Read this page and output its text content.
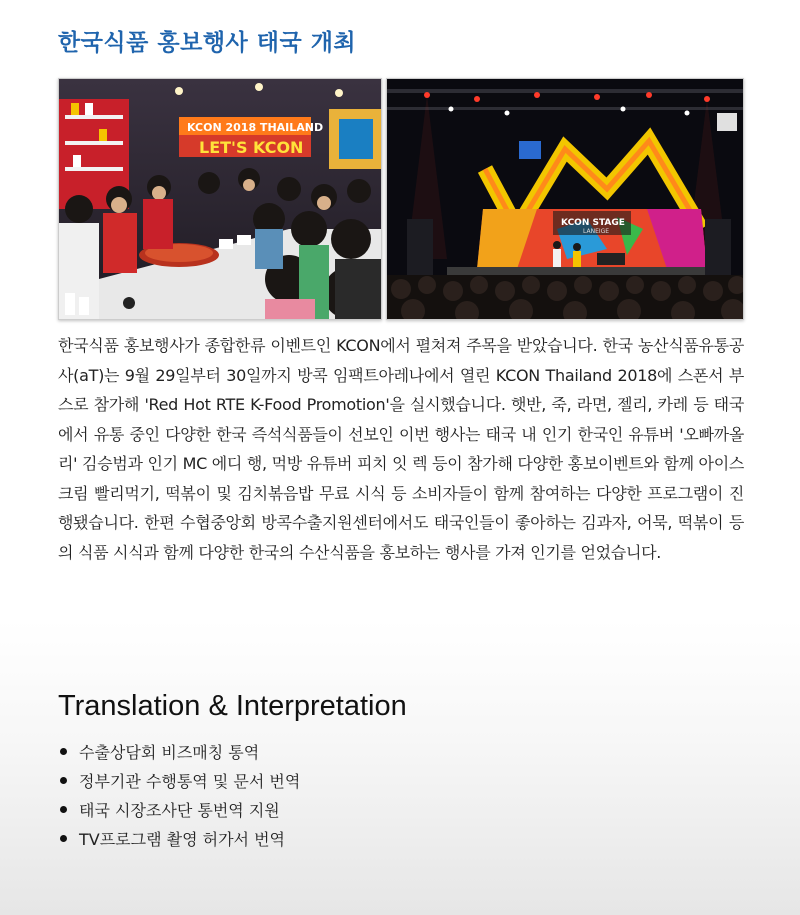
한국식품 홍보행사 태국 개최
KCON 2018 THAILAND
LET'S KCON
KCON STAGE
LANEIGE

한국식품 홍보행사가 종합한류 이벤트인 KCON에서 펼쳐져 주목을 받았습니다. 한국 농산식품유통공사(aT)는 9월 29일부터 30일까지 방콕 임팩트아레나에서 열린 KCON Thailand 2018에 스폰서 부스로 참가해 'Red Hot RTE K-Food Promotion'을 실시했습니다. 햇반, 죽, 라면, 젤리, 카레 등 태국에서 유통 중인 다양한 한국 즉석식품들이 선보인 이번 행사는 태국 내 인기 한국인 유튜버 '오빠까올리' 김승범과 인기 MC 에디 행, 먹방 유튜버 피치 잇 렉 등이 참가해 다양한 홍보이벤트와 함께 아이스크림 빨리먹기, 떡볶이 및 김치볶음밥 무료 시식 등 소비자들이 함께 참여하는 다양한 프로그램이 진행됐습니다. 한편 수협중앙회 방콕수출지원센터에서도 태국인들이 좋아하는 김과자, 어묵, 떡볶이 등의 식품 시식과 함께 다양한 한국의 수산식품을 홍보하는 행사를 가져 인기를 얻었습니다.

Translation & Interpretation
수출상담회 비즈매칭 통역
정부기관 수행통역 및 문서 번역
태국 시장조사단 통번역 지원
TV프로그램 촬영 허가서 번역
